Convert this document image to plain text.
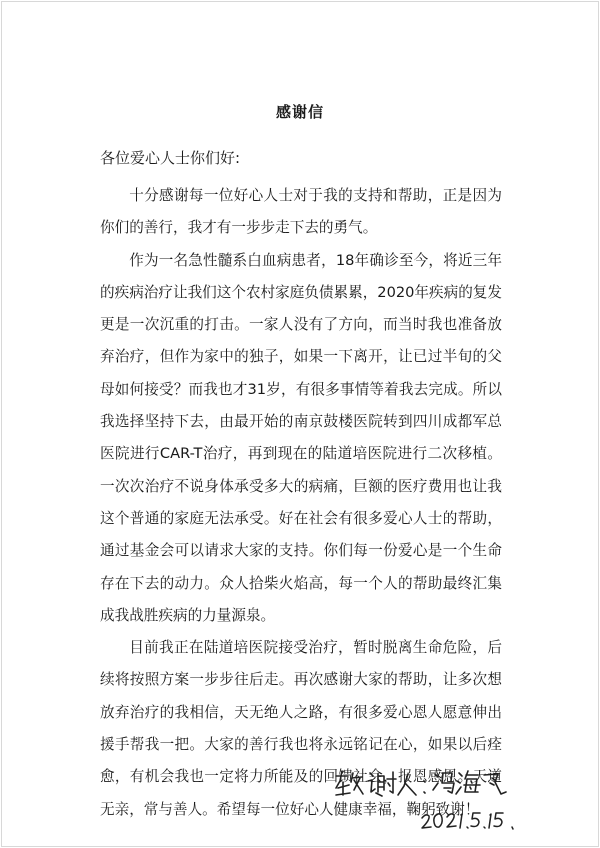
感谢信
各位爱心人士你们好:

十分感谢每一位好心人士对于我的支持和帮助，正是因为你们的善行，我才有一步步走下去的勇气。

作为一名急性髓系白血病患者，18年确诊至今，将近三年的疾病治疗让我们这个农村家庭负债累累，2020年疾病的复发更是一次沉重的打击。一家人没有了方向，而当时我也准备放弃治疗，但作为家中的独子，如果一下离开，让已过半旬的父母如何接受？而我也才31岁，有很多事情等着我去完成。所以我选择坚持下去，由最开始的南京鼓楼医院转到四川成都军总医院进行CAR-T治疗，再到现在的陆道培医院进行二次移植。一次次治疗不说身体承受多大的病痛，巨额的医疗费用也让我这个普通的家庭无法承受。好在社会有很多爱心人士的帮助，通过基金会可以请求大家的支持。你们每一份爱心是一个生命存在下去的动力。众人拾柴火焰高，每一个人的帮助最终汇集成我战胜疾病的力量源泉。

目前我正在陆道培医院接受治疗，暂时脱离生命危险，后续将按照方案一步步往后走。再次感谢大家的帮助，让多次想放弃治疗的我相信，天无绝人之路，有很多爱心恩人愿意伸出援手帮我一把。大家的善行我也将永远铭记在心，如果以后痊愈，有机会我也一定将力所能及的回馈社会，报恩感恩。天道无亲，常与善人。希望每一位好心人健康幸福，鞠躬致谢！
